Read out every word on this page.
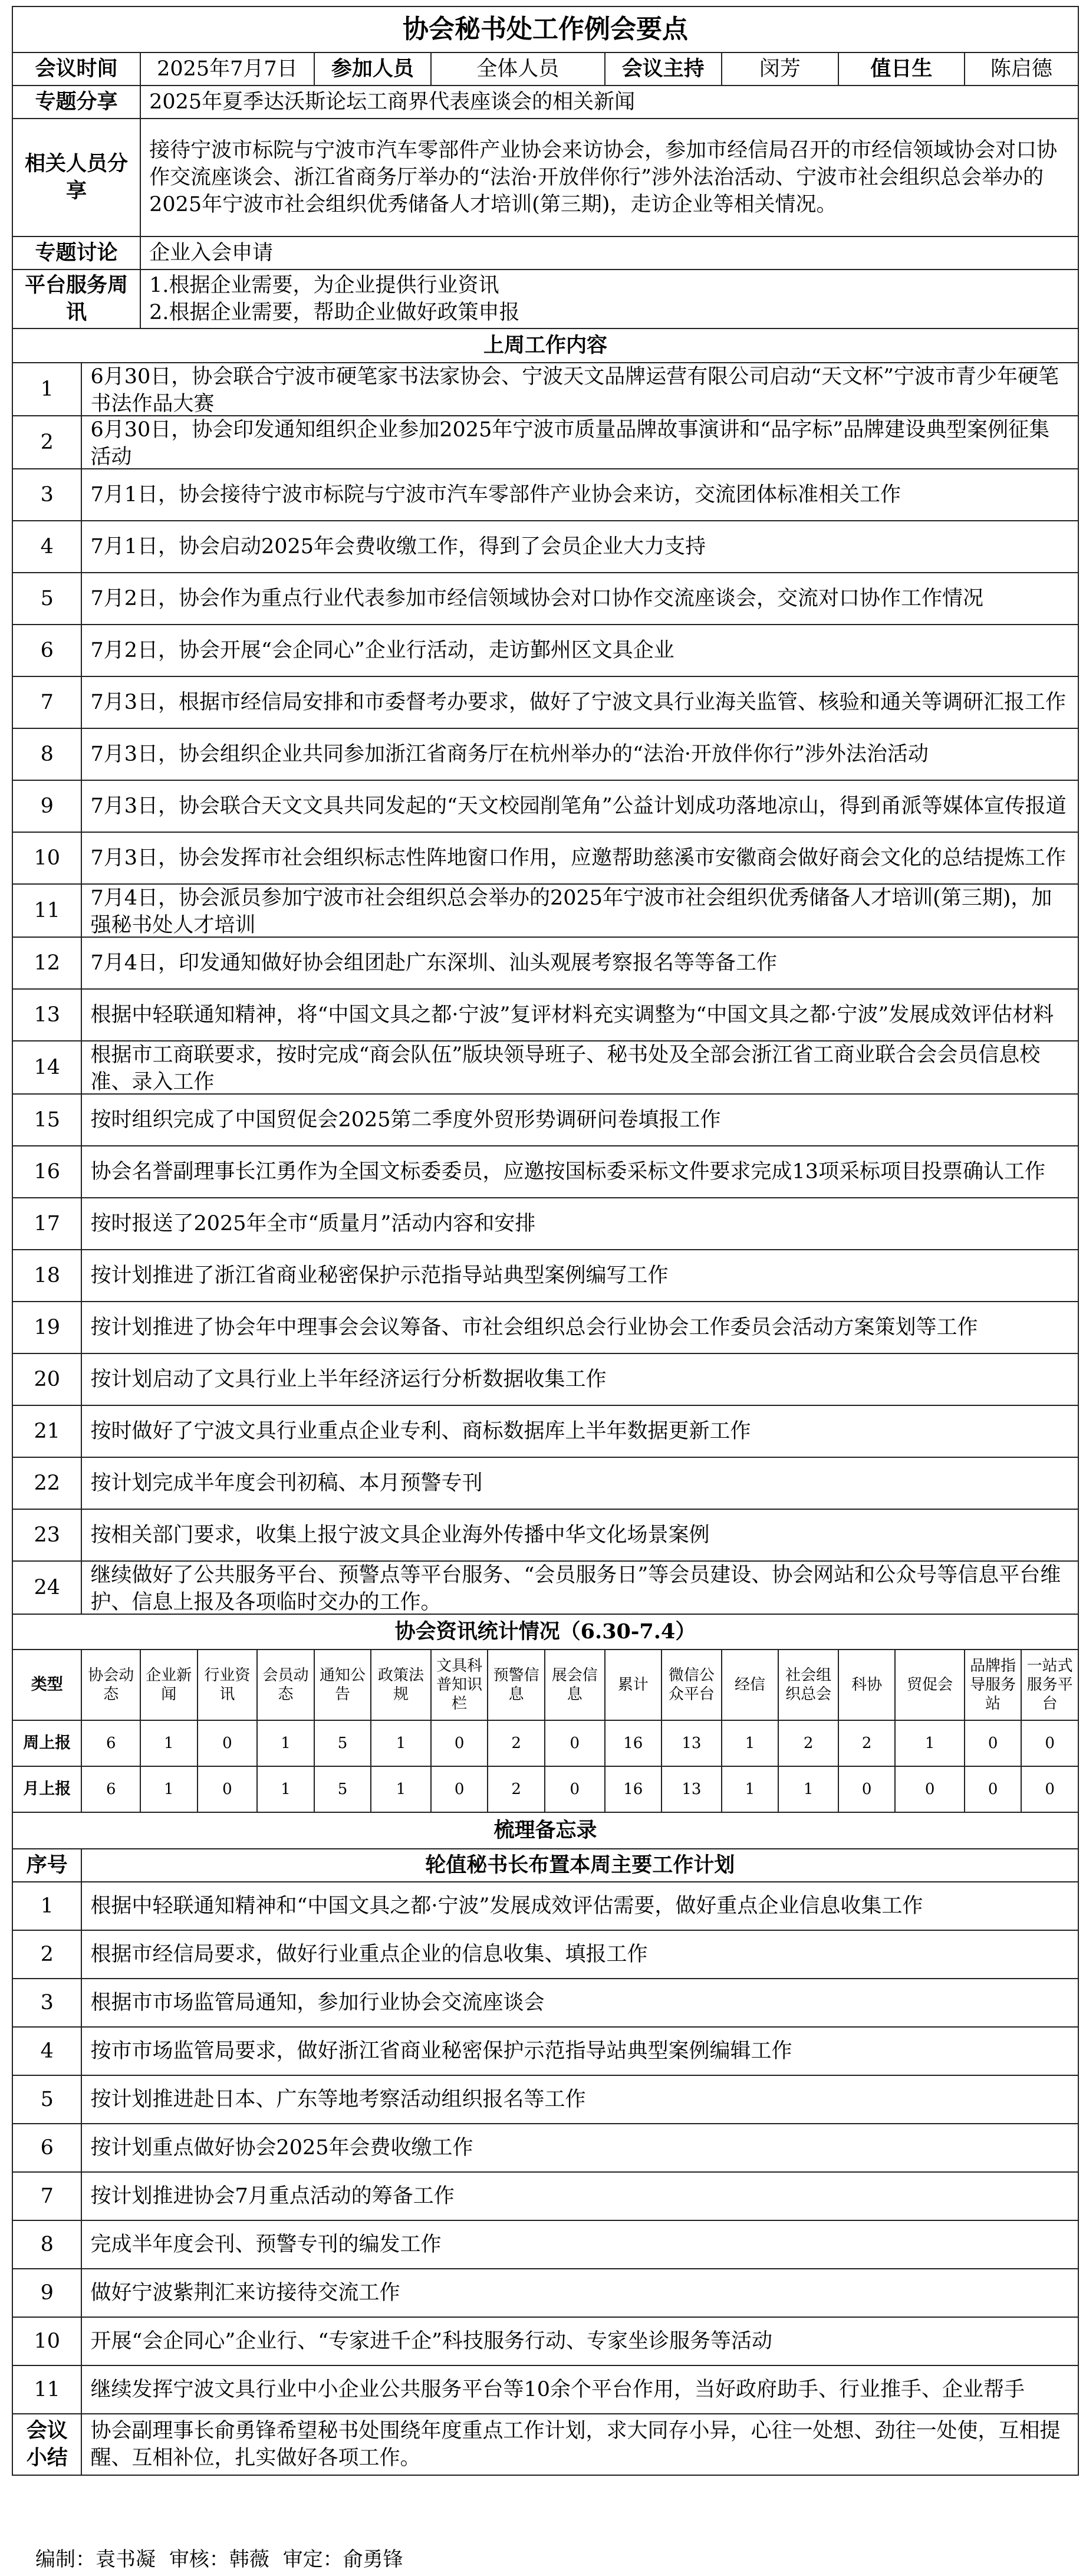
协会秘书处工作例会要点																	
会议时间		2025年7月7日			参加人员		全体人员			会议主持		闵芳		值日生		陈启德	
专题分享		2025年夏季达沃斯论坛工商界代表座谈会的相关新闻															
相关人员分享		接待宁波市标院与宁波市汽车零部件产业协会来访协会，参加市经信局召开的市经信领域协会对口协作交流座谈会、浙江省商务厅举办的“法治·开放伴你行”涉外法治活动、宁波市社会组织总会举办的2025年宁波市社会组织优秀储备人才培训(第三期)，走访企业等相关情况。															
专题讨论		企业入会申请															
平台服务周讯		1.根据企业需要，为企业提供行业资讯
2.根据企业需要，帮助企业做好政策申报															

上周工作内容																	
1	6月30日，协会联合宁波市硬笔家书法家协会、宁波天文品牌运营有限公司启动“天文杯”宁波市青少年硬笔书法作品大赛																

2	6月30日，协会印发通知组织企业参加2025年宁波市质量品牌故事演讲和“品字标”品牌建设典型案例征集活动																

3	7月1日，协会接待宁波市标院与宁波市汽车零部件产业协会来访，交流团体标准相关工作																

4	7月1日，协会启动2025年会费收缴工作，得到了会员企业大力支持																

5	7月2日，协会作为重点行业代表参加市经信领域协会对口协作交流座谈会，交流对口协作工作情况																

6	7月2日，协会开展“会企同心”企业行活动，走访鄞州区文具企业																

7	7月3日，根据市经信局安排和市委督考办要求，做好了宁波文具行业海关监管、核验和通关等调研汇报工作																

8	7月3日，协会组织企业共同参加浙江省商务厅在杭州举办的“法治·开放伴你行”涉外法治活动																

9	7月3日，协会联合天文文具共同发起的“天文校园削笔角”公益计划成功落地凉山，得到甬派等媒体宣传报道																

10	7月3日，协会发挥市社会组织标志性阵地窗口作用，应邀帮助慈溪市安徽商会做好商会文化的总结提炼工作																

11	7月4日，协会派员参加宁波市社会组织总会举办的2025年宁波市社会组织优秀储备人才培训(第三期)，加强秘书处人才培训																

12	7月4日，印发通知做好协会组团赴广东深圳、汕头观展考察报名等等备工作																

13	根据中轻联通知精神，将“中国文具之都·宁波”复评材料充实调整为“中国文具之都·宁波”发展成效评估材料																

14	根据市工商联要求，按时完成“商会队伍”版块领导班子、秘书处及全部会浙江省工商业联合会会员信息校准、录入工作																

15	按时组织完成了中国贸促会2025第二季度外贸形势调研问卷填报工作																

16	协会名誉副理事长江勇作为全国文标委委员，应邀按国标委采标文件要求完成13项采标项目投票确认工作																

17	按时报送了2025年全市“质量月”活动内容和安排																

18	按计划推进了浙江省商业秘密保护示范指导站典型案例编写工作																

19	按计划推进了协会年中理事会会议筹备、市社会组织总会行业协会工作委员会活动方案策划等工作																

20	按计划启动了文具行业上半年经济运行分析数据收集工作																

21	按时做好了宁波文具行业重点企业专利、商标数据库上半年数据更新工作																

22	按计划完成半年度会刊初稿、本月预警专刊																

23	按相关部门要求，收集上报宁波文具企业海外传播中华文化场景案例																

24	继续做好了公共服务平台、预警点等平台服务、“会员服务日”等会员建设、协会网站和公众号等信息平台维护、信息上报及各项临时交办的工作。																

协会资讯统计情况（6.30-7.4）																	
类型	协会动态	企业新闻	行业资讯	会员动态	通知公告	政策法规	文具科普知识栏	预警信息	展会信息	累计	微信公众平台	经信	社会组织总会	科协	贸促会	品牌指导服务站	一站式服务平台
周上报	6	1	0	1	5	1	0	2	0	16	13	1	2	2	1	0	0
月上报	6	1	0	1	5	1	0	2	0	16	13	1	1	0	0	0	0
梳理备忘录																	
序号	轮值秘书长布置本周主要工作计划																
1	根据中轻联通知精神和“中国文具之都·宁波”发展成效评估需要，做好重点企业信息收集工作																

2	根据市经信局要求，做好行业重点企业的信息收集、填报工作																

3	根据市市场监管局通知，参加行业协会交流座谈会																

4	按市市场监管局要求，做好浙江省商业秘密保护示范指导站典型案例编辑工作																

5	按计划推进赴日本、广东等地考察活动组织报名等工作																

6	按计划重点做好协会2025年会费收缴工作																

7	按计划推进协会7月重点活动的筹备工作																

8	完成半年度会刊、预警专刊的编发工作																

9	做好宁波紫荆汇来访接待交流工作																

10	开展“会企同心”企业行、“专家进千企”科技服务行动、专家坐诊服务等活动																

11	继续发挥宁波文具行业中小企业公共服务平台等10余个平台作用，当好政府助手、行业推手、企业帮手																

会议小结	协会副理事长俞勇锋希望秘书处围绕年度重点工作计划，求大同存小异，心往一处想、劲往一处使，互相提醒、互相补位，扎实做好各项工作。																
编制：袁书凝 审核：韩薇 审定：俞勇锋
